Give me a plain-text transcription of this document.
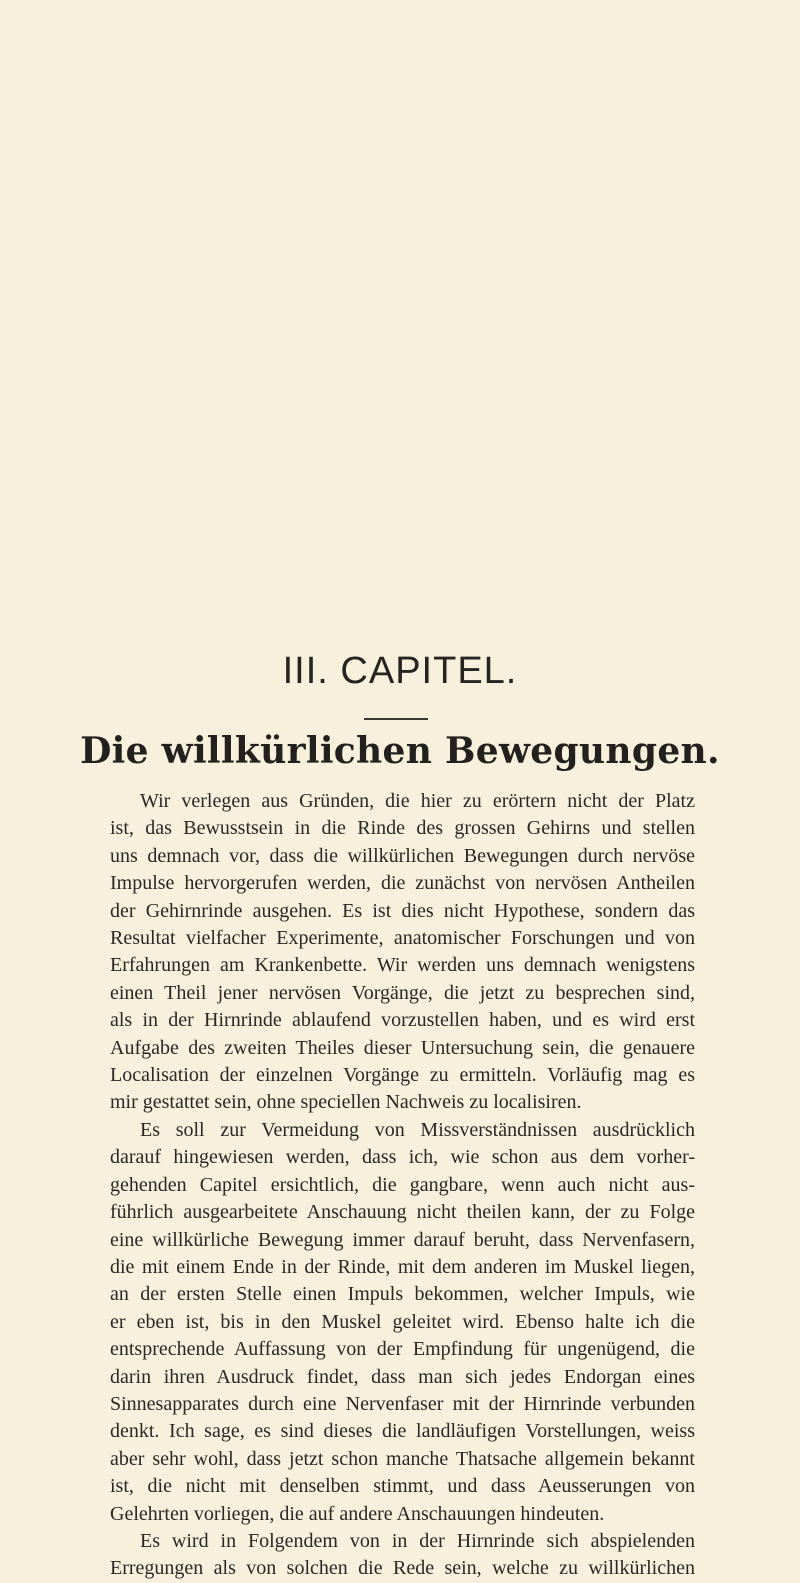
III. CAPITEL.
Die willkürlichen Bewegungen.
Wir verlegen aus Gründen, die hier zu erörtern nicht der Platz
ist, das Bewusstsein in die Rinde des grossen Gehirns und stellen
uns demnach vor, dass die willkürlichen Bewegungen durch nervöse
Impulse hervorgerufen werden, die zunächst von nervösen Antheilen
der Gehirnrinde ausgehen. Es ist dies nicht Hypothese, sondern das
Resultat vielfacher Experimente, anatomischer Forschungen und von
Erfahrungen am Krankenbette. Wir werden uns demnach wenigstens
einen Theil jener nervösen Vorgänge, die jetzt zu besprechen sind,
als in der Hirnrinde ablaufend vorzustellen haben, und es wird erst
Aufgabe des zweiten Theiles dieser Untersuchung sein, die genauere
Localisation der einzelnen Vorgänge zu ermitteln. Vorläufig mag es
mir gestattet sein, ohne speciellen Nachweis zu localisiren.
Es soll zur Vermeidung von Missverständnissen ausdrücklich
darauf hingewiesen werden, dass ich, wie schon aus dem vorher-
gehenden Capitel ersichtlich, die gangbare, wenn auch nicht aus-
führlich ausgearbeitete Anschauung nicht theilen kann, der zu Folge
eine willkürliche Bewegung immer darauf beruht, dass Nervenfasern,
die mit einem Ende in der Rinde, mit dem anderen im Muskel liegen,
an der ersten Stelle einen Impuls bekommen, welcher Impuls, wie
er eben ist, bis in den Muskel geleitet wird. Ebenso halte ich die
entsprechende Auffassung von der Empfindung für ungenügend, die
darin ihren Ausdruck findet, dass man sich jedes Endorgan eines
Sinnesapparates durch eine Nervenfaser mit der Hirnrinde verbunden
denkt. Ich sage, es sind dieses die landläufigen Vorstellungen, weiss
aber sehr wohl, dass jetzt schon manche Thatsache allgemein bekannt
ist, die nicht mit denselben stimmt, und dass Aeusserungen von
Gelehrten vorliegen, die auf andere Anschauungen hindeuten.
Es wird in Folgendem von in der Hirnrinde sich abspielenden
Erregungen als von solchen die Rede sein, welche zu willkürlichen
